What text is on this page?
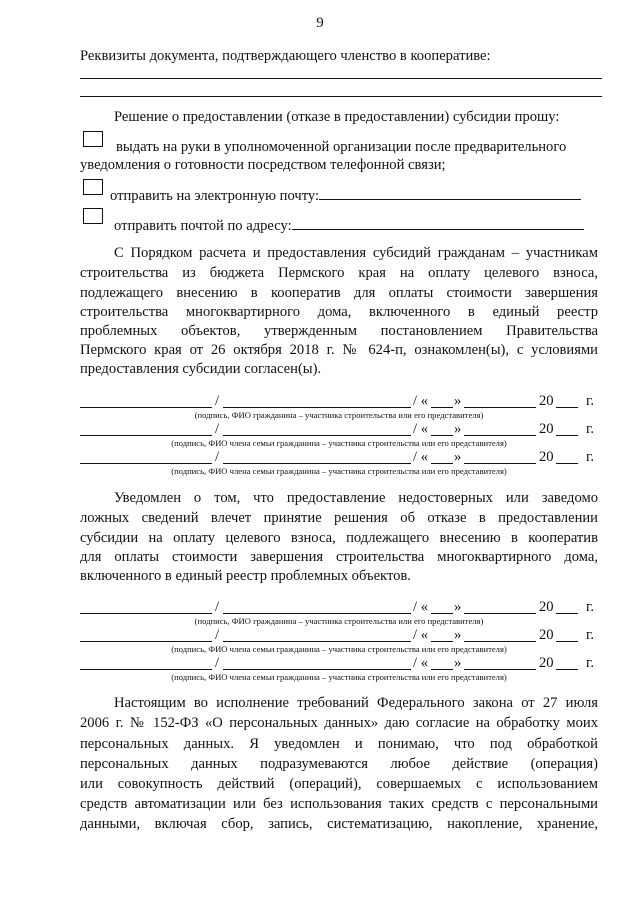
9
Реквизиты документа, подтверждающего членство в кооперативе:
Решение о предоставлении (отказе в предоставлении) субсидии прошу:
выдать на руки в уполномоченной организации после предварительного
уведомления о готовности посредством телефонной связи;
отправить на электронную почту:
отправить почтой по адресу:
С Порядком расчета и предоставления субсидий гражданам – участникам
строительства из бюджета Пермского края на оплату целевого взноса,
подлежащего внесению в кооператив для оплаты стоимости завершения
строительства многоквартирного дома, включенного в единый реестр
проблемных объектов, утвержденным постановлением Правительства
Пермского края от 26 октября 2018 г. № 624-п, ознакомлен(ы), с условиями
предоставления субсидии согласен(ы).
/	/ « »	20 г.
(подпись, ФИО гражданина – участника строительства или его представителя)
/	/ « »	20 г.
(подпись, ФИО члена семьи гражданина – участника строительства или его представителя)
/	/ « »	20 г.
(подпись, ФИО члена семьи гражданина – участника строительства или его представителя)
Уведомлен о том, что предоставление недостоверных или заведомо
ложных сведений влечет принятие решения об отказе в предоставлении
субсидии на оплату целевого взноса, подлежащего внесению в кооператив
для оплаты стоимости завершения строительства многоквартирного дома,
включенного в единый реестр проблемных объектов.
/	/ « »	20 г.
(подпись, ФИО гражданина – участника строительства или его представителя)
/	/ « »	20 г.
(подпись, ФИО члена семьи гражданина – участника строительства или его представителя)
/	/ « »	20 г.
(подпись, ФИО члена семьи гражданина – участника строительства или его представителя)
Настоящим во исполнение требований Федерального закона от 27 июля
2006 г. № 152-ФЗ «О персональных данных» даю согласие на обработку моих
персональных данных. Я уведомлен и понимаю, что под обработкой
персональных данных подразумеваются любое действие (операция)
или совокупность действий (операций), совершаемых с использованием
средств автоматизации или без использования таких средств с персональными
данными, включая сбор, запись, систематизацию, накопление, хранение,
